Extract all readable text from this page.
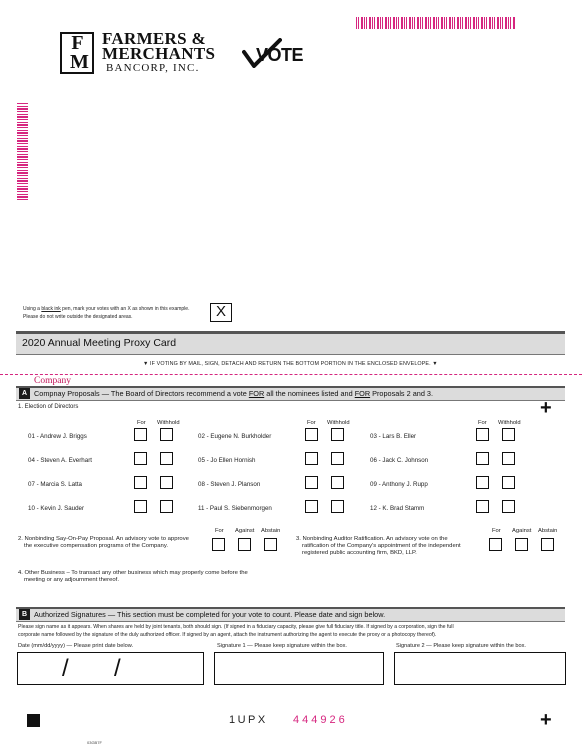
FM
FARMERS &
MERCHANTS
BANCORP, INC.
VOTE
Using a black ink pen, mark your votes with an X as shown in this example.
Please do not write outside the designated areas.	X
2020 Annual Meeting Proxy Card
▼ IF VOTING BY MAIL, SIGN, DETACH AND RETURN THE BOTTOM PORTION IN THE ENCLOSED ENVELOPE. ▼
Company
A Compnay Proposals — The Board of Directors recommend a vote FOR all the nominees listed and FOR Proposals 2 and 3.
1. Election of Directors	+
For Withhold	For Withhold	For Withhold
01 - Andrew J. Briggs	02 - Eugene N. Burkholder	03 - Lars B. Eller
04 - Steven A. Everhart	05 - Jo Ellen Hornish	06 - Jack C. Johnson
07 - Marcia S. Latta	08 - Steven J. Planson	09 - Anthony J. Rupp
10 - Kevin J. Sauder	11 - Paul S. Siebenmorgen	12 - K. Brad Stamm
2. Nonbinding Say-On-Pay Proposal. An advisory vote to approve
the executive compensation programs of the Company.
For Against Abstain
3. Nonbinding Auditor Ratification. An advisory vote on the
ratification of the Company's appointment of the independent
registered public accounting firm, BKD, LLP.
For Against Abstain
4. Other Business – To transact any other business which may properly come before the
meeting or any adjournment thereof.
B Authorized Signatures — This section must be completed for your vote to count. Please date and sign below.
Please sign name as it appears. When shares are held by joint tenants, both should sign. (If signed in a fiduciary capacity, please give full fiduciary title. If signed by a corporation, sign the full
corporate name followed by the signature of the duly authorized officer. If signed by an agent, attach the instrument authorizing the agent to execute the proxy or a photocopy thereof).
Date (mm/dd/yyyy) — Please print date below.	Signature 1 — Please keep signature within the box.	Signature 2 — Please keep signature within the box.
/ /
1UPX 444926	+
03GB7F
